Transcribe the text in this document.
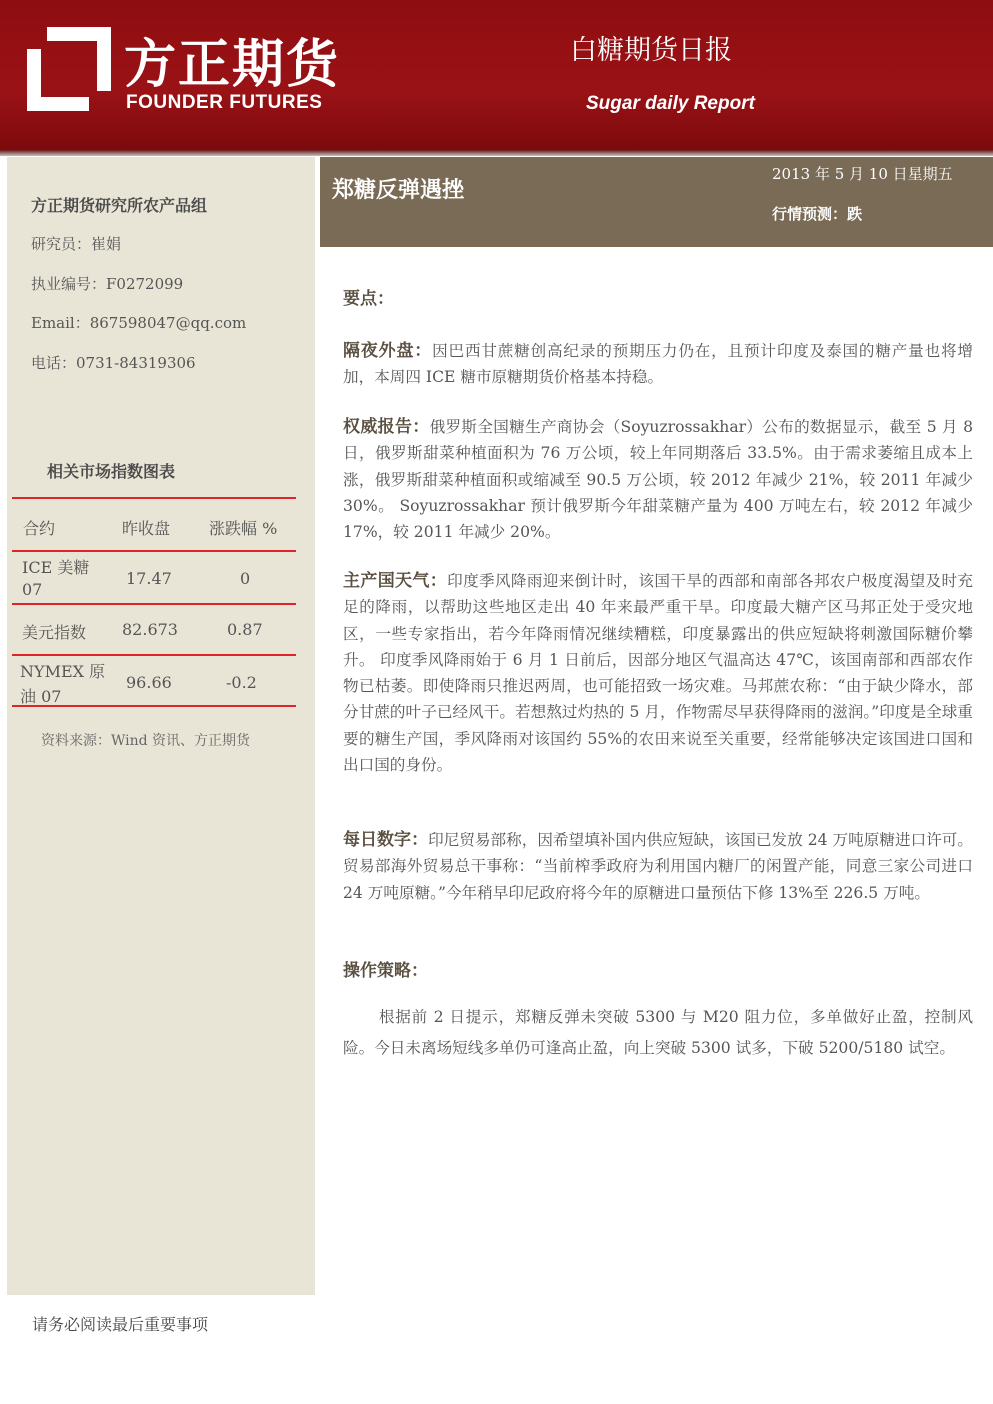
方正期货
FOUNDER FUTURES
白糖期货日报
Sugar daily Report
方正期货研究所农产品组
研究员：崔娟
执业编号：F0272099
Email：867598047@qq.com
电话：0731-84319306
相关市场指数图表
合约	昨收盘 涨跌幅 %
ICE 美糖
07
17.47	0
美元指数 82.673	0.87
NYMEX 原
油 07
96.66	-0.2
资料来源：Wind 资讯、方正期货
郑糖反弹遇挫
2013 年 5 月 10 日星期五
行情预测：跌
要点：

隔夜外盘：因巴西甘蔗糖创高纪录的预期压力仍在，且预计印度及泰国的糖产量也将增加，本周四 ICE 糖市原糖期货价格基本持稳。

权威报告：俄罗斯全国糖生产商协会（Soyuzrossakhar）公布的数据显示，截至 5 月 8 日，俄罗斯甜菜种植面积为 76 万公顷，较上年同期落后 33.5%。由于需求萎缩且成本上涨，俄罗斯甜菜种植面积或缩减至 90.5 万公顷，较 2012 年减少 21%，较 2011 年减少 30%。 Soyuzrossakhar 预计俄罗斯今年甜菜糖产量为 400 万吨左右，较 2012 年减少 17%，较 2011 年减少 20%。

主产国天气：印度季风降雨迎来倒计时，该国干旱的西部和南部各邦农户极度渴望及时充足的降雨，以帮助这些地区走出 40 年来最严重干旱。印度最大糖产区马邦正处于受灾地区，一些专家指出，若今年降雨情况继续糟糕，印度暴露出的供应短缺将刺激国际糖价攀升。 印度季风降雨始于 6 月 1 日前后，因部分地区气温高达 47℃，该国南部和西部农作物已枯萎。即使降雨只推迟两周，也可能招致一场灾难。马邦蔗农称：“由于缺少降水，部分甘蔗的叶子已经风干。若想熬过灼热的 5 月，作物需尽早获得降雨的滋润。”印度是全球重要的糖生产国，季风降雨对该国约 55%的农田来说至关重要，经常能够决定该国进口国和出口国的身份。

每日数字：印尼贸易部称，因希望填补国内供应短缺，该国已发放 24 万吨原糖进口许可。贸易部海外贸易总干事称：“当前榨季政府为利用国内糖厂的闲置产能，同意三家公司进口 24 万吨原糖。”今年稍早印尼政府将今年的原糖进口量预估下修 13%至 226.5 万吨。

操作策略：

根据前 2 日提示，郑糖反弹未突破 5300 与 M20 阻力位，多单做好止盈，控制风险。今日未离场短线多单仍可逢高止盈，向上突破 5300 试多，下破 5200/5180 试空。

请务必阅读最后重要事项
